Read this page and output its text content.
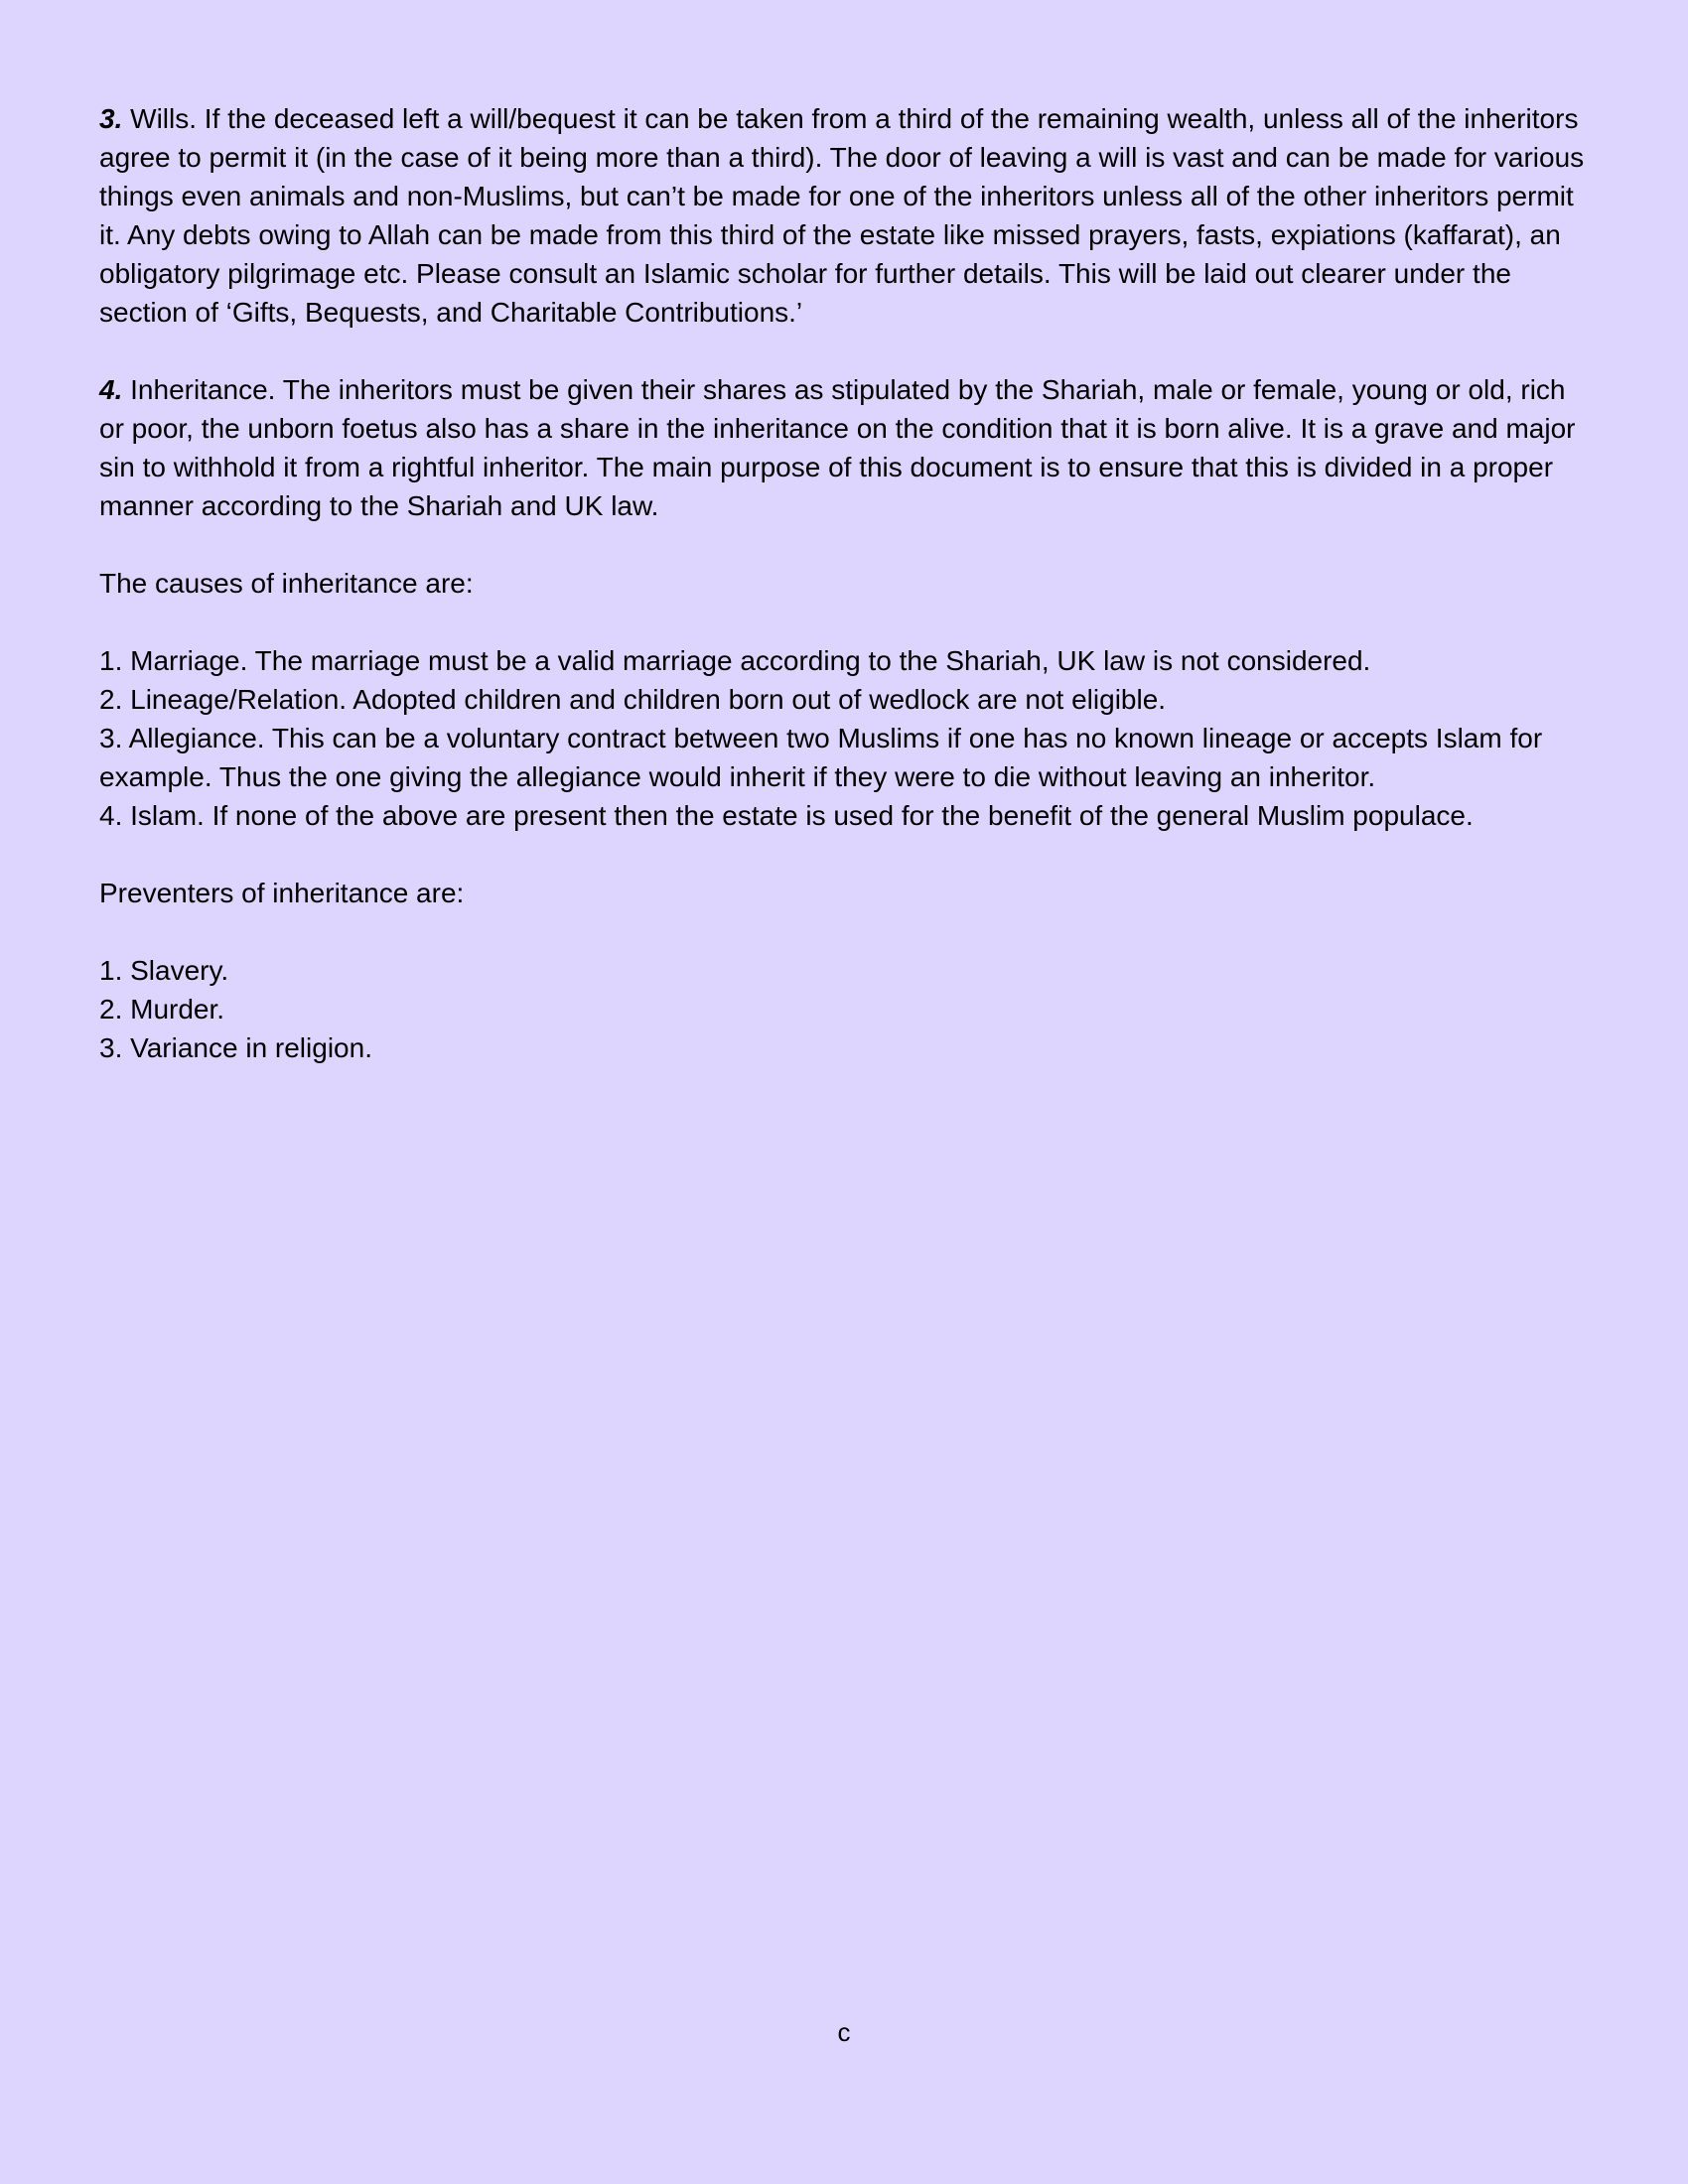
3. Wills. If the deceased left a will/bequest it can be taken from a third of the remaining wealth, unless all of the inheritors agree to permit it (in the case of it being more than a third). The door of leaving a will is vast and can be made for various things even animals and non-Muslims, but can’t be made for one of the inheritors unless all of the other inheritors permit it. Any debts owing to Allah can be made from this third of the estate like missed prayers, fasts, expiations (kaffarat), an obligatory pilgrimage etc. Please consult an Islamic scholar for further details. This will be laid out clearer under the section of ‘Gifts, Bequests, and Charitable Contributions.’

4. Inheritance. The inheritors must be given their shares as stipulated by the Shariah, male or female, young or old, rich or poor, the unborn foetus also has a share in the inheritance on the condition that it is born alive. It is a grave and major sin to withhold it from a rightful inheritor. The main purpose of this document is to ensure that this is divided in a proper manner according to the Shariah and UK law.

The causes of inheritance are:

1. Marriage. The marriage must be a valid marriage according to the Shariah, UK law is not considered.

2. Lineage/Relation. Adopted children and children born out of wedlock are not eligible.

3. Allegiance. This can be a voluntary contract between two Muslims if one has no known lineage or accepts Islam for example. Thus the one giving the allegiance would inherit if they were to die without leaving an inheritor.

4. Islam. If none of the above are present then the estate is used for the benefit of the general Muslim populace.

Preventers of inheritance are:

1. Slavery.

2. Murder.

3. Variance in religion.

c
